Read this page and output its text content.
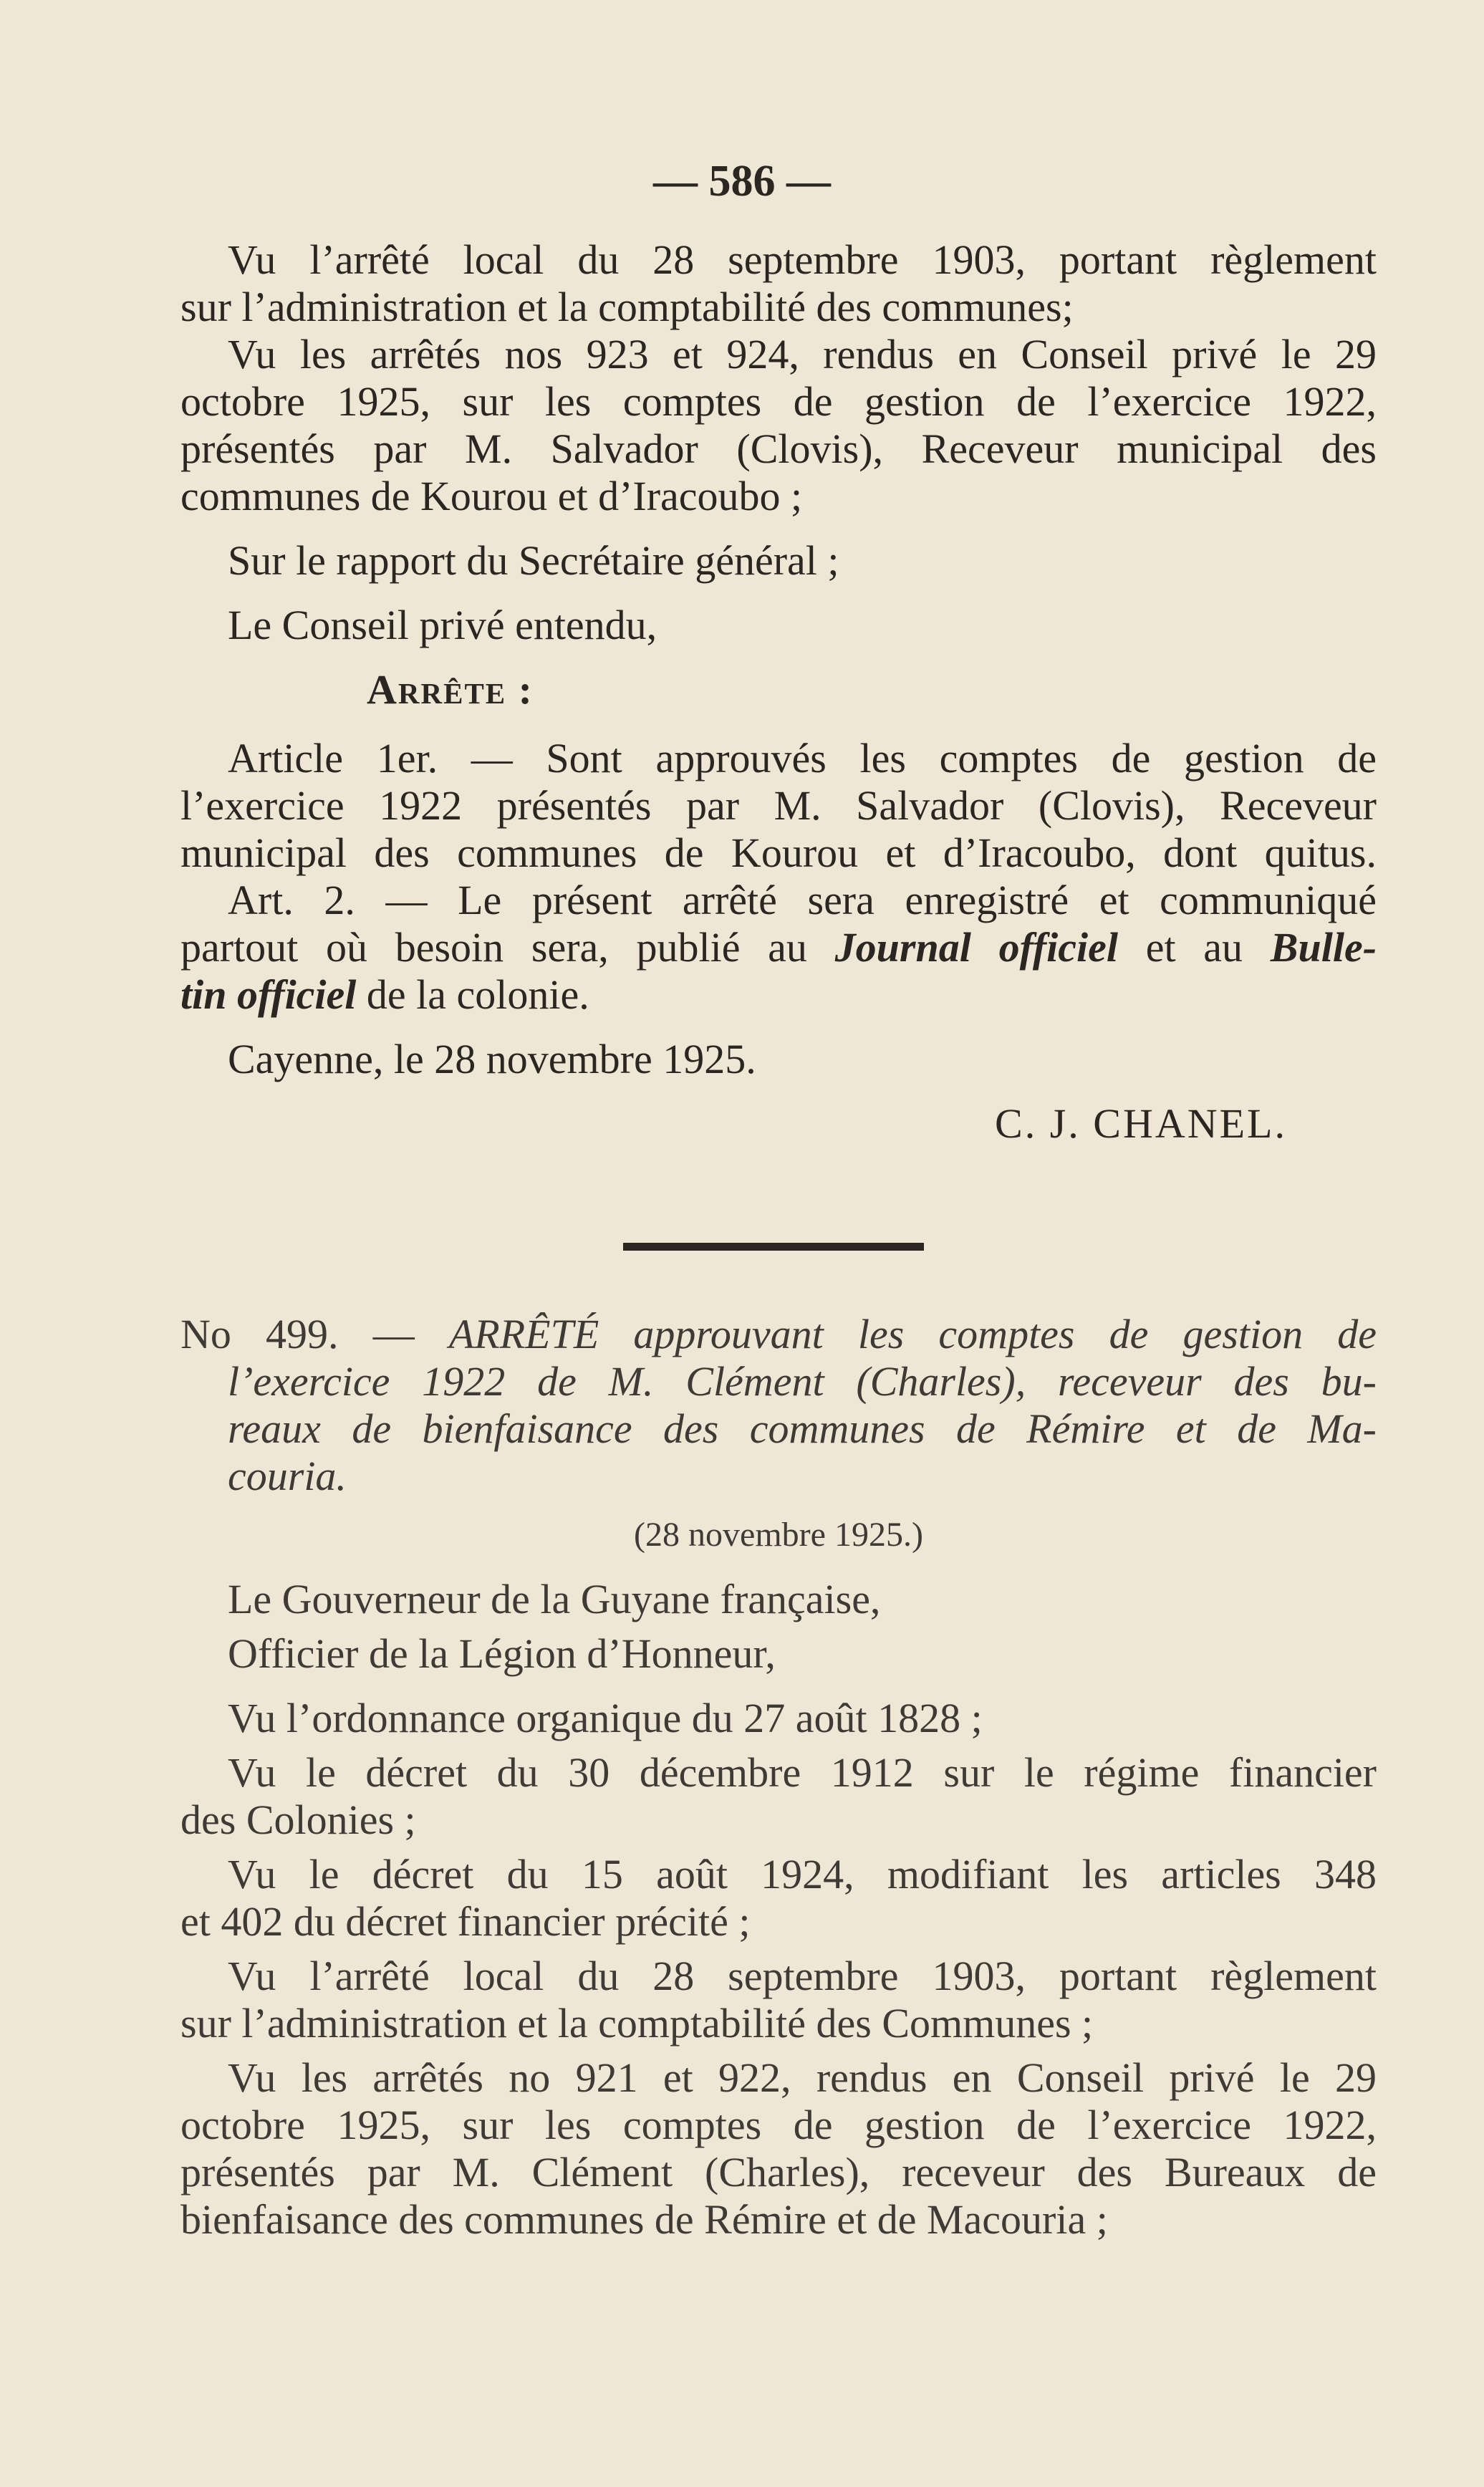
— 586 —

Vu l’arrêté local du 28 septembre 1903, portant règlement

sur l’administration et la comptabilité des communes;

Vu les arrêtés nos 923 et 924, rendus en Conseil privé le 29

octobre 1925, sur les comptes de gestion de l’exercice 1922,

présentés par M. Salvador (Clovis), Receveur municipal des

communes de Kourou et d’Iracoubo ;

Sur le rapport du Secrétaire général ;

Le Conseil privé entendu,

Arrête :

Article 1er. — Sont approuvés les comptes de gestion de

l’exercice 1922 présentés par M. Salvador (Clovis), Receveur

municipal des communes de Kourou et d’Iracoubo, dont quitus.

Art. 2. — Le présent arrêté sera enregistré et communiqué

partout où besoin sera, publié au Journal officiel et au Bulle-

tin officiel de la colonie.

Cayenne, le 28 novembre 1925.

C. J. CHANEL.

No 499. — ARRÊTÉ approuvant les comptes de gestion de

l’exercice 1922 de M. Clément (Charles), receveur des bu-

reaux de bienfaisance des communes de Rémire et de Ma-

couria.

(28 novembre 1925.)

Le Gouverneur de la Guyane française,

Officier de la Légion d’Honneur,

Vu l’ordonnance organique du 27 août 1828 ;

Vu le décret du 30 décembre 1912 sur le régime financier

des Colonies ;

Vu le décret du 15 août 1924, modifiant les articles 348

et 402 du décret financier précité ;

Vu l’arrêté local du 28 septembre 1903, portant règlement

sur l’administration et la comptabilité des Communes ;

Vu les arrêtés no 921 et 922, rendus en Conseil privé le 29

octobre 1925, sur les comptes de gestion de l’exercice 1922,

présentés par M. Clément (Charles), receveur des Bureaux de

bienfaisance des communes de Rémire et de Macouria ;
